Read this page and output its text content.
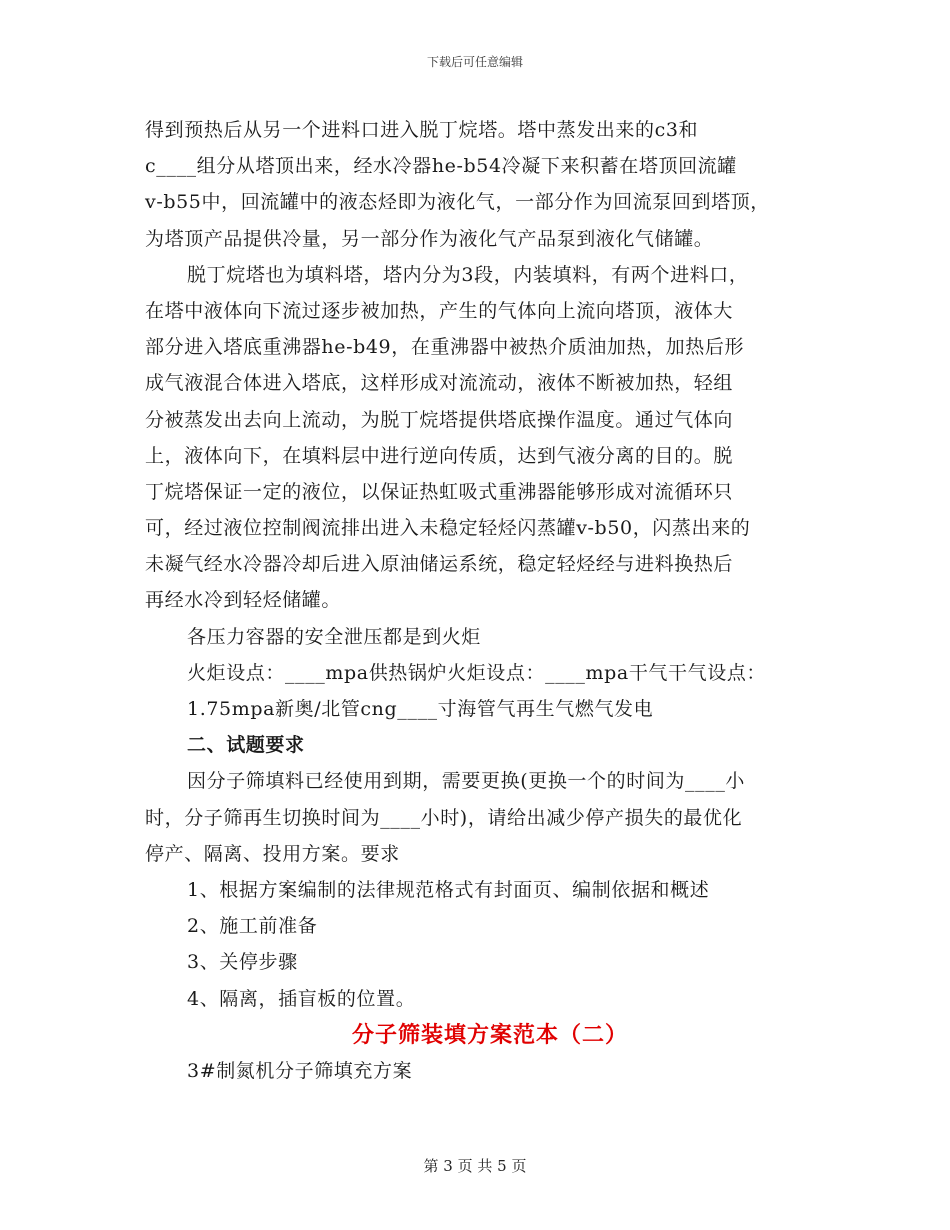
下载后可任意编辑
得到预热后从另一个进料口进入脱丁烷塔。塔中蒸发出来的c3和
c____组分从塔顶出来，经水冷器he-b54冷凝下来积蓄在塔顶回流罐
v-b55中，回流罐中的液态烃即为液化气，一部分作为回流泵回到塔顶，
为塔顶产品提供冷量，另一部分作为液化气产品泵到液化气储罐。
脱丁烷塔也为填料塔，塔内分为3段，内装填料，有两个进料口，
在塔中液体向下流过逐步被加热，产生的气体向上流向塔顶，液体大
部分进入塔底重沸器he-b49，在重沸器中被热介质油加热，加热后形
成气液混合体进入塔底，这样形成对流流动，液体不断被加热，轻组
分被蒸发出去向上流动，为脱丁烷塔提供塔底操作温度。通过气体向
上，液体向下，在填料层中进行逆向传质，达到气液分离的目的。脱
丁烷塔保证一定的液位，以保证热虹吸式重沸器能够形成对流循环只
可，经过液位控制阀流排出进入未稳定轻烃闪蒸罐v-b50，闪蒸出来的
未凝气经水冷器冷却后进入原油储运系统，稳定轻烃经与进料换热后
再经水冷到轻烃储罐。
各压力容器的安全泄压都是到火炬
火炬设点：____mpa供热锅炉火炬设点：____mpa干气干气设点：
1.75mpa新奥/北管cng____寸海管气再生气燃气发电
二、试题要求
因分子筛填料已经使用到期，需要更换(更换一个的时间为____小
时，分子筛再生切换时间为____小时)，请给出减少停产损失的最优化
停产、隔离、投用方案。要求
1、根据方案编制的法律规范格式有封面页、编制依据和概述
2、施工前准备
3、关停步骤
4、隔离，插盲板的位置。
分子筛装填方案范本（二）
3#制氮机分子筛填充方案
第 3 页 共 5 页
